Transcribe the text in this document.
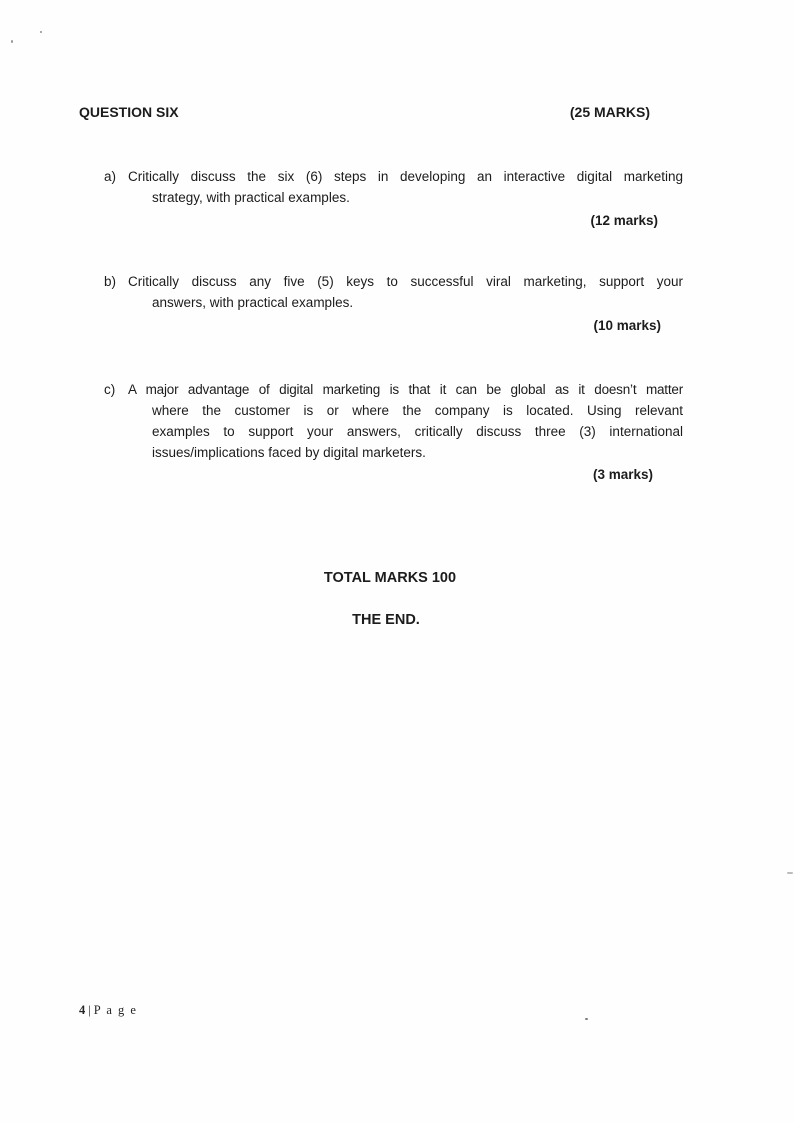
QUESTION SIX	(25 MARKS)
a) Critically discuss the six (6) steps in developing an interactive digital marketing
strategy, with practical examples.
(12 marks)
b) Critically discuss any five (5) keys to successful viral marketing, support your
answers, with practical examples.
(10 marks)
c) A major advantage of digital marketing is that it can be global as it doesn’t matter
where the customer is or where the company is located. Using relevant
examples to support your answers, critically discuss three (3) international
issues/implications faced by digital marketers.
(3 marks)
TOTAL MARKS 100
THE END.
4 | P a g e
